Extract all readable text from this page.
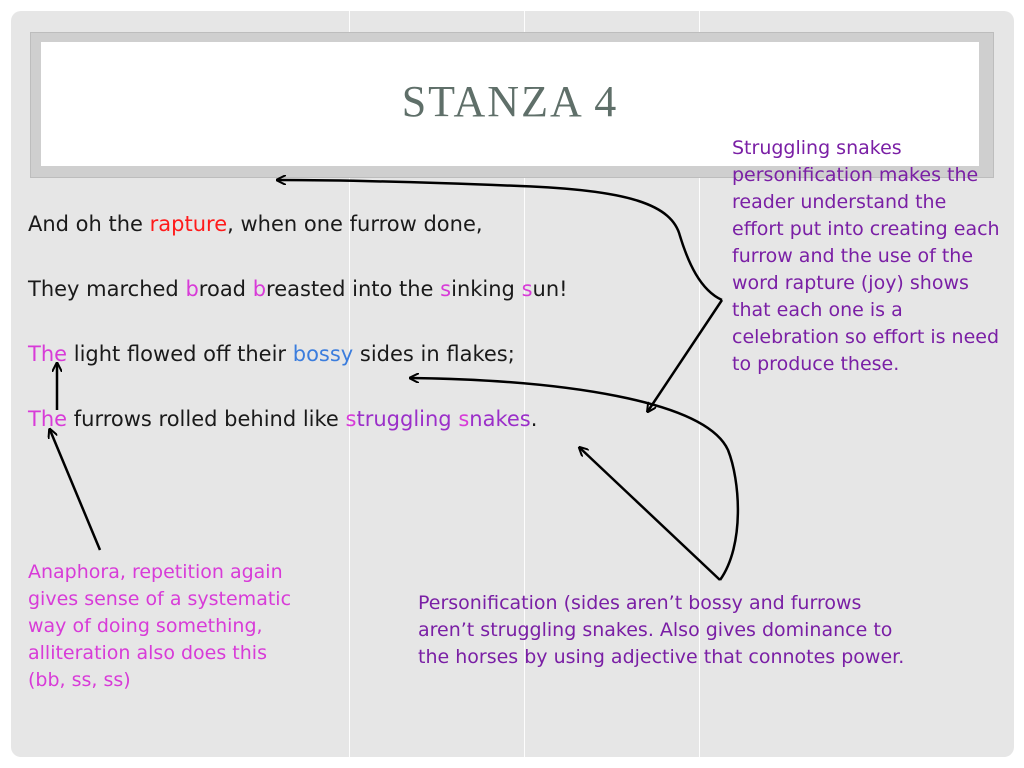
STANZA 4
And oh the rapture, when one furrow done,
They marched broad breasted into the sinking sun!
The light flowed off their bossy sides in flakes;
The furrows rolled behind like struggling snakes.
Struggling snakes personification makes the reader understand the effort put into creating each furrow and the use of the word rapture (joy) shows that each one is a celebration so effort is need to produce these.
Anaphora, repetition again gives sense of a systematic way of doing something, alliteration also does this (bb, ss, ss)
Personification (sides aren’t bossy and furrows aren’t struggling snakes. Also gives dominance to the horses by using adjective that connotes power.
